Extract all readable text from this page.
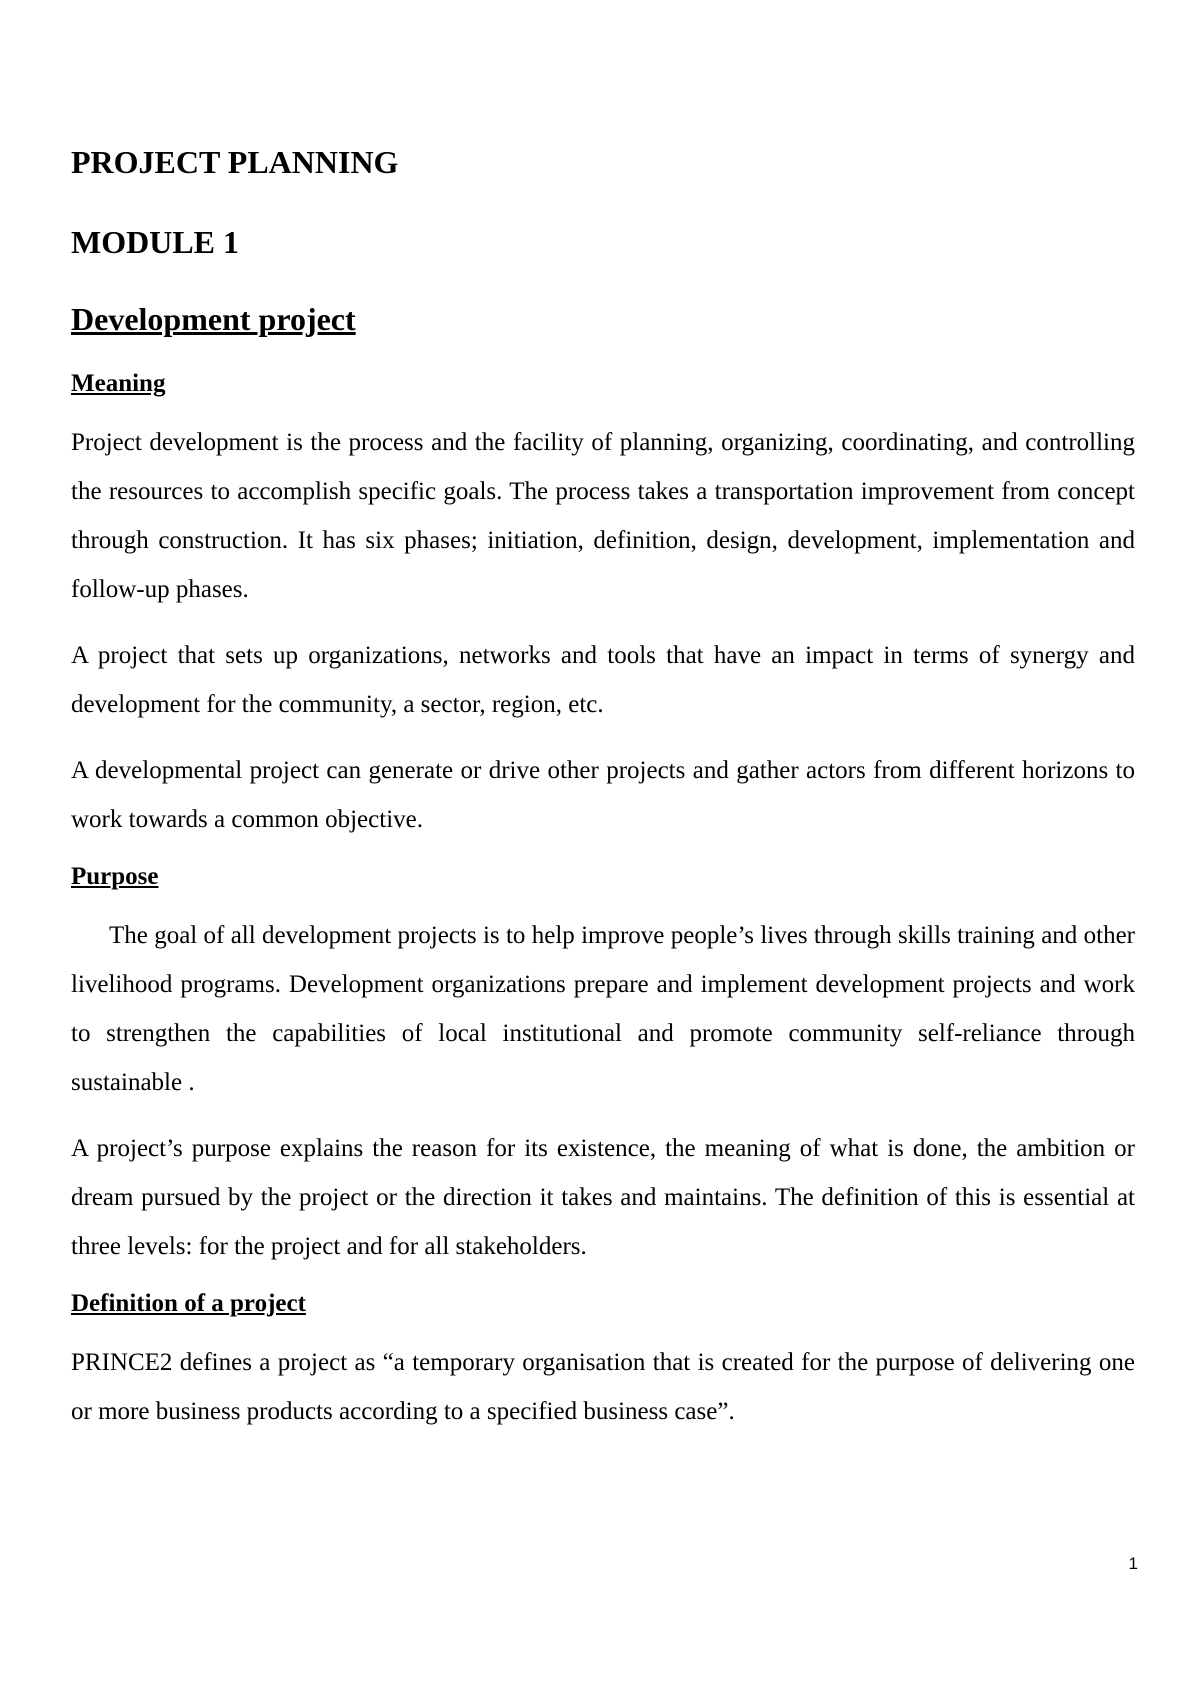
PROJECT PLANNING
MODULE 1
Development project
Meaning

Project development is the process and the facility of planning, organizing, coordinating, and controlling the resources to accomplish specific goals. The process takes a transportation improvement from concept through construction. It has six phases; initiation, definition, design, development, implementation and follow-up phases.

A project that sets up organizations, networks and tools that have an impact in terms of synergy and development for the community, a sector, region, etc.

A developmental project can generate or drive other projects and gather actors from different horizons to work towards a common objective.

Purpose

The goal of all development projects is to help improve people’s lives through skills training and other livelihood programs. Development organizations prepare and implement development projects and work to strengthen the capabilities of local institutional and promote community self-reliance through sustainable .

A project’s purpose explains the reason for its existence, the meaning of what is done, the ambition or dream pursued by the project or the direction it takes and maintains. The definition of this is essential at three levels: for the project and for all stakeholders.

Definition of a project

PRINCE2 defines a project as “a temporary organisation that is created for the purpose of delivering one or more business products according to a specified business case”.

1
